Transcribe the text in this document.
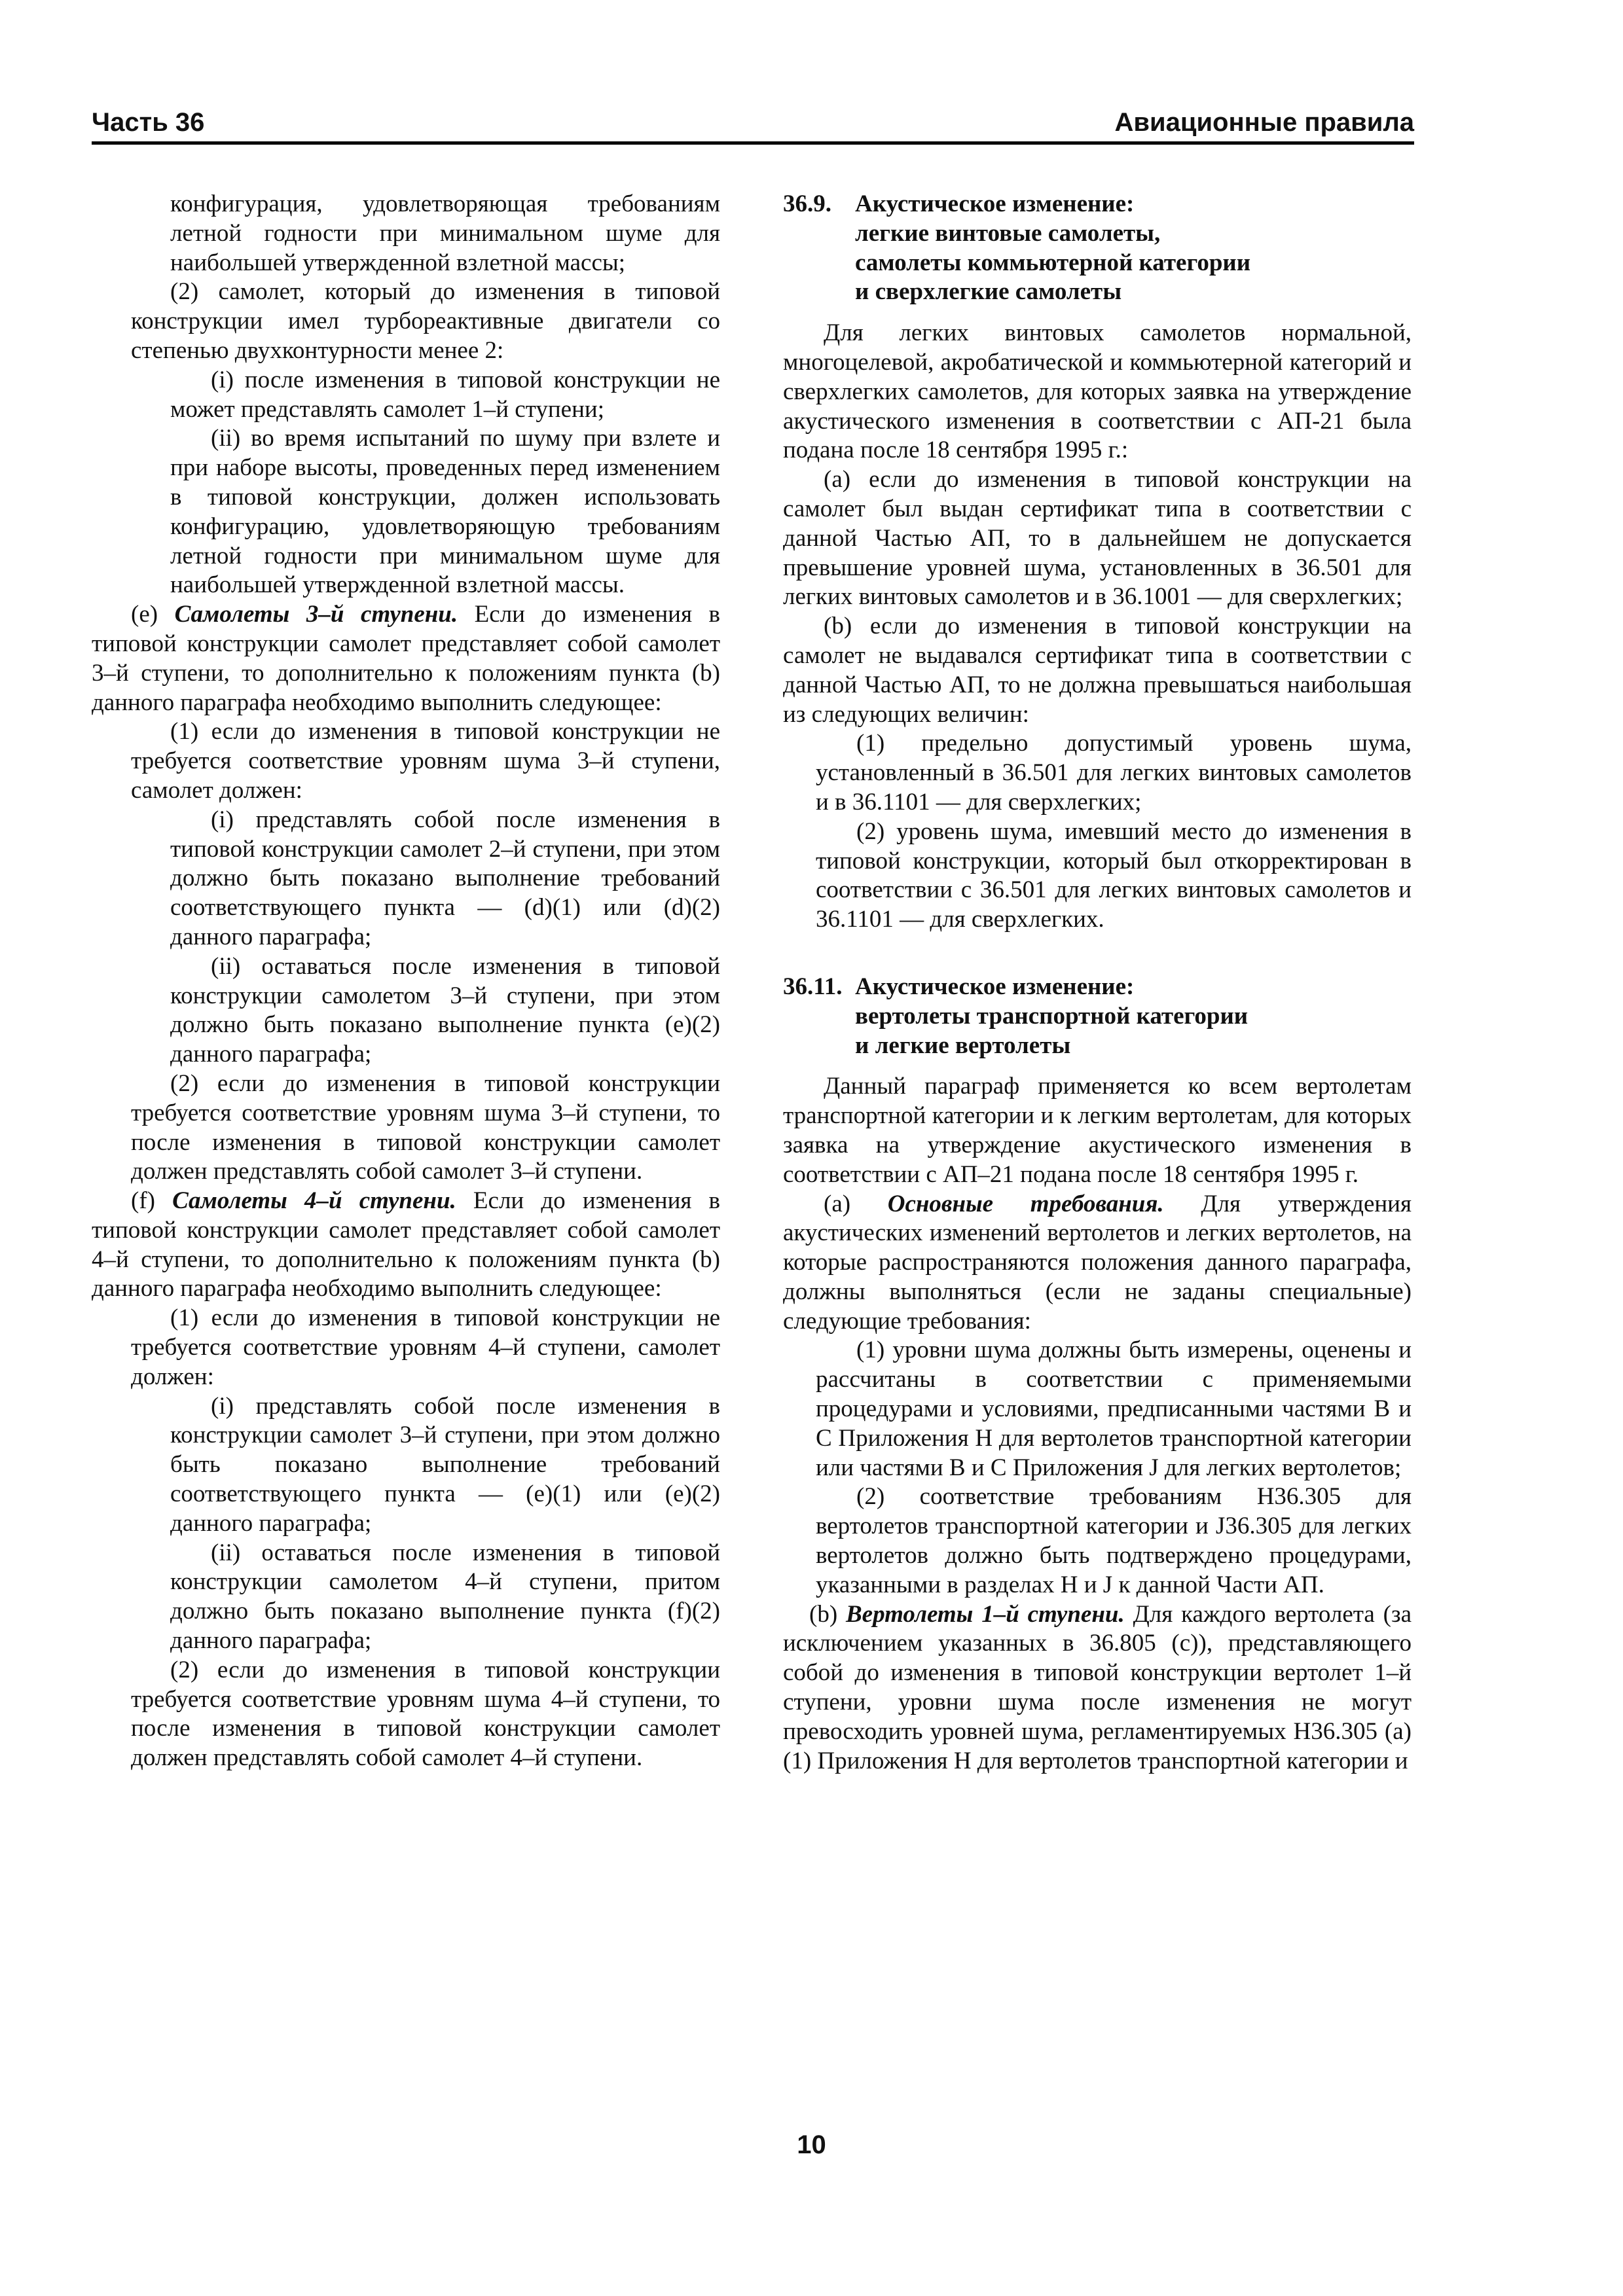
Часть 36	Авиационные правила

конфигурация, удовлетворяющая требованиям летной годности при минимальном шуме для наибольшей утвержденной взлетной массы;

(2) самолет, который до изменения в типовой конструкции имел турбореактивные двигатели со степенью двухконтурности менее 2:

(i) после изменения в типовой конструкции не может представлять самолет 1–й ступени;

(ii) во время испытаний по шуму при взлете и при наборе высоты, проведенных перед изменением в типовой конструкции, должен использовать конфигурацию, удовлетворяющую требованиям летной годности при минимальном шуме для наибольшей утвержденной взлетной массы.

(e) Самолеты 3–й ступени. Если до изменения в типовой конструкции самолет представляет собой самолет 3–й ступени, то дополнительно к положениям пункта (b) данного параграфа необходимо выполнить следующее:

(1) если до изменения в типовой конструкции не требуется соответствие уровням шума 3–й ступени, самолет должен:

(i) представлять собой после изменения в типовой конструкции самолет 2–й ступени, при этом должно быть показано выполнение требований соответствующего пункта — (d)(1) или (d)(2) данного параграфа;

(ii) оставаться после изменения в типовой конструкции самолетом 3–й ступени, при этом должно быть показано выполнение пункта (e)(2) данного параграфа;

(2) если до изменения в типовой конструкции требуется соответствие уровням шума 3–й ступени, то после изменения в типовой конструкции самолет должен представлять собой самолет 3–й ступени.

(f) Самолеты 4–й ступени. Если до изменения в типовой конструкции самолет представляет собой самолет 4–й ступени, то дополнительно к положениям пункта (b) данного параграфа необходимо выполнить следующее:

(1) если до изменения в типовой конструкции не требуется соответствие уровням 4–й ступени, самолет должен:

(i) представлять собой после изменения в конструкции самолет 3–й ступени, при этом должно быть показано выполнение требований соответствующего пункта — (e)(1) или (e)(2) данного параграфа;

(ii) оставаться после изменения в типовой конструкции самолетом 4–й ступени, притом должно быть показано выполнение пункта (f)(2) данного параграфа;

(2) если до изменения в типовой конструкции требуется соответствие уровням шума 4–й ступени, то после изменения в типовой конструкции самолет должен представлять собой самолет 4–й ступени.

36.9. Акустическое изменение:
легкие винтовые самолеты,
самолеты коммьютерной категории
и сверхлегкие самолеты

Для легких винтовых самолетов нормальной, многоцелевой, акробатической и коммьютерной категорий и сверхлегких самолетов, для которых заявка на утверждение акустического изменения в соответствии с АП-21 была подана после 18 сентября 1995 г.:

(a) если до изменения в типовой конструкции на самолет был выдан сертификат типа в соответствии с данной Частью АП, то в дальнейшем не допускается превышение уровней шума, установленных в 36.501 для легких винтовых самолетов и в 36.1001 — для сверхлегких;

(b) если до изменения в типовой конструкции на самолет не выдавался сертификат типа в соответствии с данной Частью АП, то не должна превышаться наибольшая из следующих величин:

(1) предельно допустимый уровень шума, установленный в 36.501 для легких винтовых самолетов и в 36.1101 — для сверхлегких;

(2) уровень шума, имевший место до изменения в типовой конструкции, который был откорректирован в соответствии с 36.501 для легких винтовых самолетов и 36.1101 — для сверхлегких.

36.11. Акустическое изменение:
вертолеты транспортной категории
и легкие вертолеты

Данный параграф применяется ко всем вертолетам транспортной категории и к легким вертолетам, для которых заявка на утверждение акустического изменения в соответствии с АП–21 подана после 18 сентября 1995 г.

(a) Основные требования. Для утверждения акустических изменений вертолетов и легких вертолетов, на которые распространяются положения данного параграфа, должны выполняться (если не заданы специальные) следующие требования:

(1) уровни шума должны быть измерены, оценены и рассчитаны в соответствии с применяемыми процедурами и условиями, предписанными частями B и C Приложения H для вертолетов транспортной категории или частями B и C Приложения J для легких вертолетов;

(2) соответствие требованиям H36.305 для вертолетов транспортной категории и J36.305 для легких вертолетов должно быть подтверждено процедурами, указанными в разделах H и J к данной Части АП.

(b) Вертолеты 1–й ступени. Для каждого вертолета (за исключением указанных в 36.805 (с)), представляющего собой до изменения в типовой конструкции вертолет 1–й ступени, уровни шума после изменения не могут превосходить уровней шума, регламентируемых H36.305 (a)(1) Приложения H для вертолетов транспортной категории и

10
